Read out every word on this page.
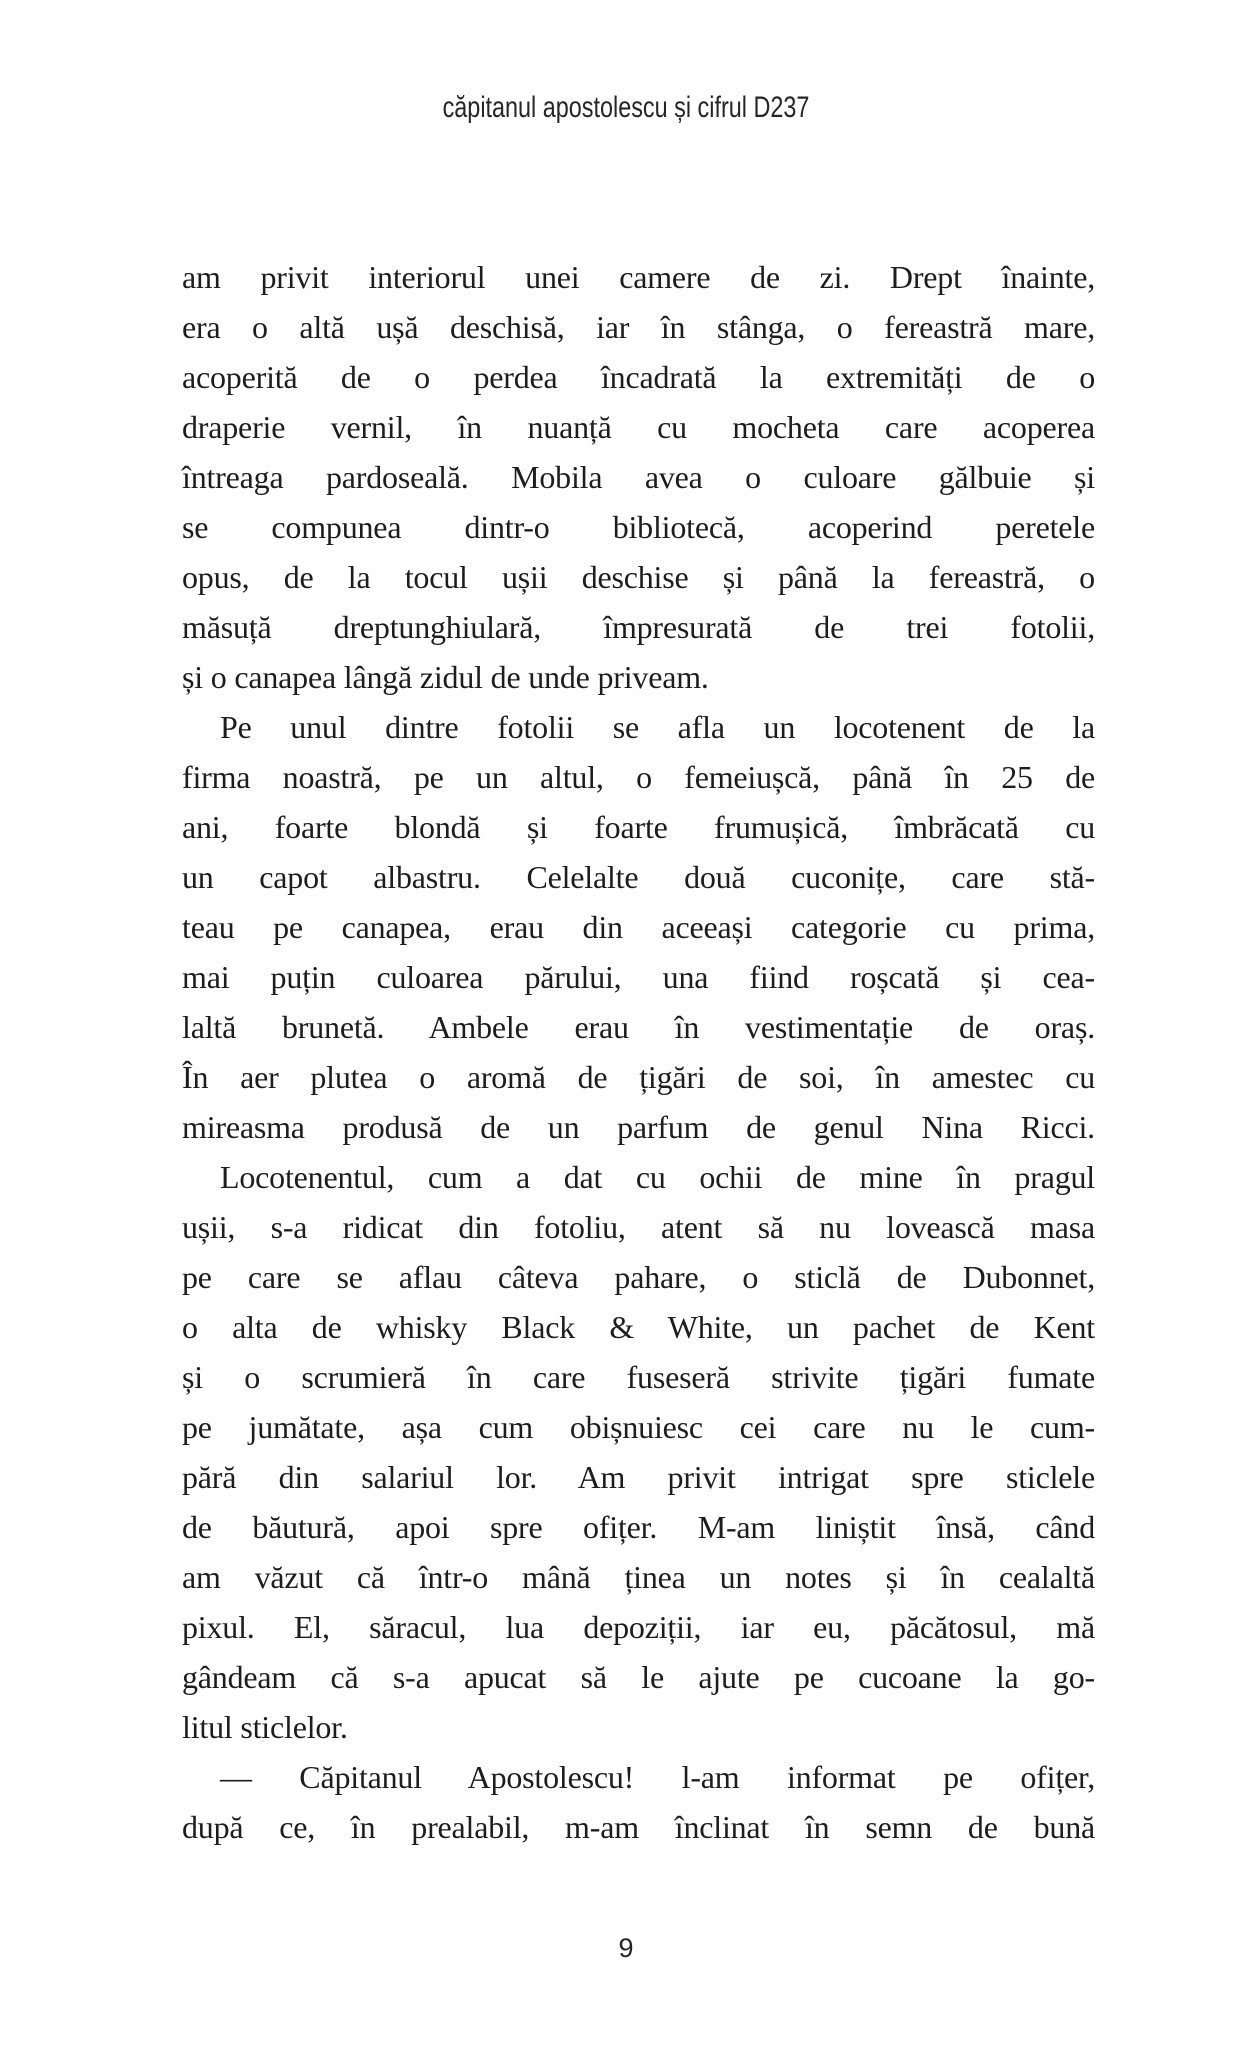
căpitanul apostolescu și cifrul D237
am privit interiorul unei camere de zi. Drept înainte,
era o altă ușă deschisă, iar în stânga, o fereastră mare,
acoperită de o perdea încadrată la extremități de o
draperie vernil, în nuanță cu mocheta care acoperea
întreaga pardoseală. Mobila avea o culoare gălbuie și
se compunea dintr-o bibliotecă, acoperind peretele
opus, de la tocul ușii deschise și până la fereastră, o
măsuță dreptunghiulară, împresurată de trei fotolii,
și o canapea lângă zidul de unde priveam.
Pe unul dintre fotolii se afla un locotenent de la
firma noastră, pe un altul, o femeiușcă, până în 25 de
ani, foarte blondă și foarte frumușică, îmbrăcată cu
un capot albastru. Celelalte două cuconițe, care stă-
teau pe canapea, erau din aceeași categorie cu prima,
mai puțin culoarea părului, una fiind roșcată și cea-
laltă brunetă. Ambele erau în vestimentație de oraș.
În aer plutea o aromă de țigări de soi, în amestec cu
mireasma produsă de un parfum de genul Nina Ricci.
Locotenentul, cum a dat cu ochii de mine în pragul
ușii, s-a ridicat din fotoliu, atent să nu lovească masa
pe care se aflau câteva pahare, o sticlă de Dubonnet,
o alta de whisky Black & White, un pachet de Kent
și o scrumieră în care fuseseră strivite țigări fumate
pe jumătate, așa cum obișnuiesc cei care nu le cum-
pără din salariul lor. Am privit intrigat spre sticlele
de băutură, apoi spre ofițer. M-am liniștit însă, când
am văzut că într-o mână ținea un notes și în cealaltă
pixul. El, săracul, lua depoziții, iar eu, păcătosul, mă
gândeam că s-a apucat să le ajute pe cucoane la go-
litul sticlelor.
— Căpitanul Apostolescu! l-am informat pe ofițer,
după ce, în prealabil, m-am înclinat în semn de bună
9
